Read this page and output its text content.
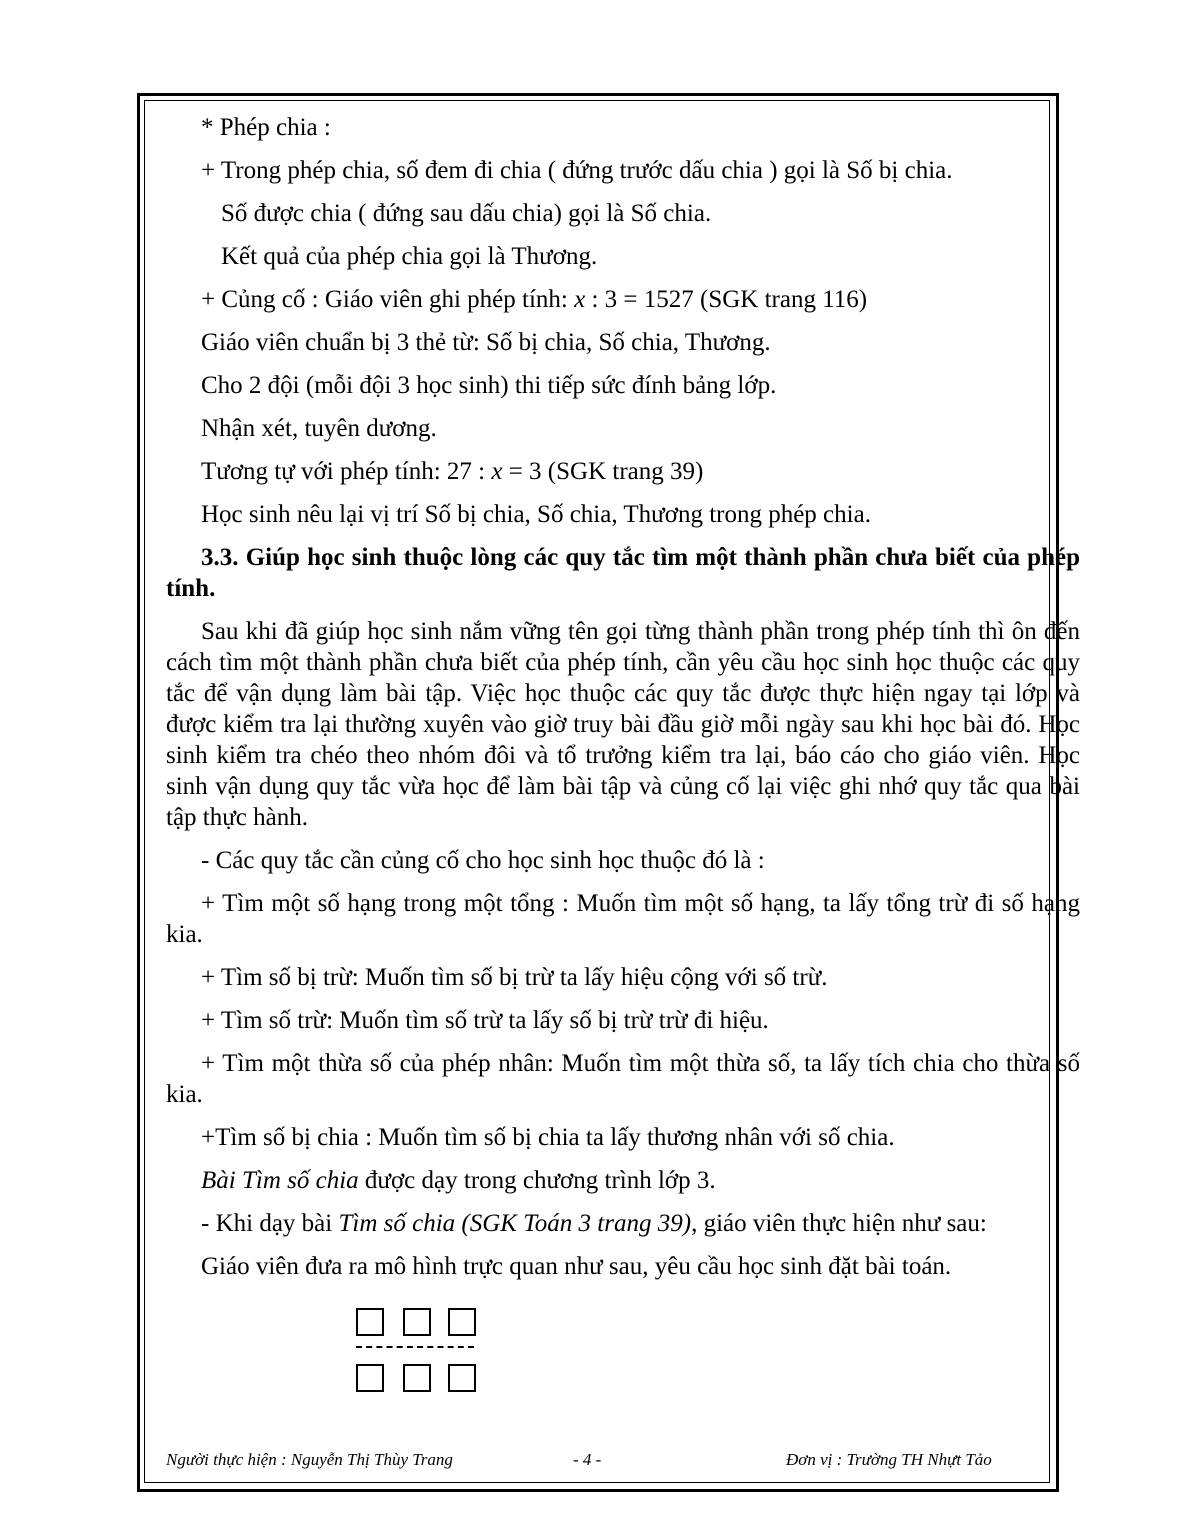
* Phép chia :

+ Trong phép chia, số đem đi chia ( đứng trước dấu chia ) gọi là Số bị chia.

Số được chia ( đứng sau dấu chia) gọi là Số chia.

Kết quả của phép chia gọi là Thương.

+ Củng cố : Giáo viên ghi phép tính: x : 3 = 1527 (SGK trang 116)

Giáo viên chuẩn bị 3 thẻ từ: Số bị chia, Số chia, Thương.

Cho 2 đội (mỗi đội 3 học sinh) thi tiếp sức đính bảng lớp.

Nhận xét, tuyên dương.

Tương tự với phép tính: 27 : x = 3 (SGK trang 39)

Học sinh nêu lại vị trí Số bị chia, Số chia, Thương trong phép chia.

3.3. Giúp học sinh thuộc lòng các quy tắc tìm một thành phần chưa biết của phép tính.

Sau khi đã giúp học sinh nắm vững tên gọi từng thành phần trong phép tính thì ôn đến cách tìm một thành phần chưa biết của phép tính, cần yêu cầu học sinh học thuộc các quy tắc để vận dụng làm bài tập. Việc học thuộc các quy tắc được thực hiện ngay tại lớp và được kiểm tra lại thường xuyên vào giờ truy bài đầu giờ mỗi ngày sau khi học bài đó. Học sinh kiểm tra chéo theo nhóm đôi và tổ trưởng kiểm tra lại, báo cáo cho giáo viên. Học sinh vận dụng quy tắc vừa học để làm bài tập và củng cố lại việc ghi nhớ quy tắc qua bài tập thực hành.

- Các quy tắc cần củng cố cho học sinh học thuộc đó là :

+ Tìm một số hạng trong một tổng : Muốn tìm một số hạng, ta lấy tổng trừ đi số hạng kia.

+ Tìm số bị trừ: Muốn tìm số bị trừ ta lấy hiệu cộng với số trừ.

+ Tìm số trừ: Muốn tìm số trừ ta lấy số bị trừ trừ đi hiệu.

+ Tìm một thừa số của phép nhân: Muốn tìm một thừa số, ta lấy tích chia cho thừa số kia.

+Tìm số bị chia : Muốn tìm số bị chia ta lấy thương nhân với số chia.

Bài Tìm số chia được dạy trong chương trình lớp 3.

- Khi dạy bài Tìm số chia (SGK Toán 3 trang 39), giáo viên thực hiện như sau:

Giáo viên đưa ra mô hình trực quan như sau, yêu cầu học sinh đặt bài toán.

Người thực hiện : Nguyễn Thị Thùy Trang	- 4 -	Đơn vị : Trường TH Nhựt Tảo
